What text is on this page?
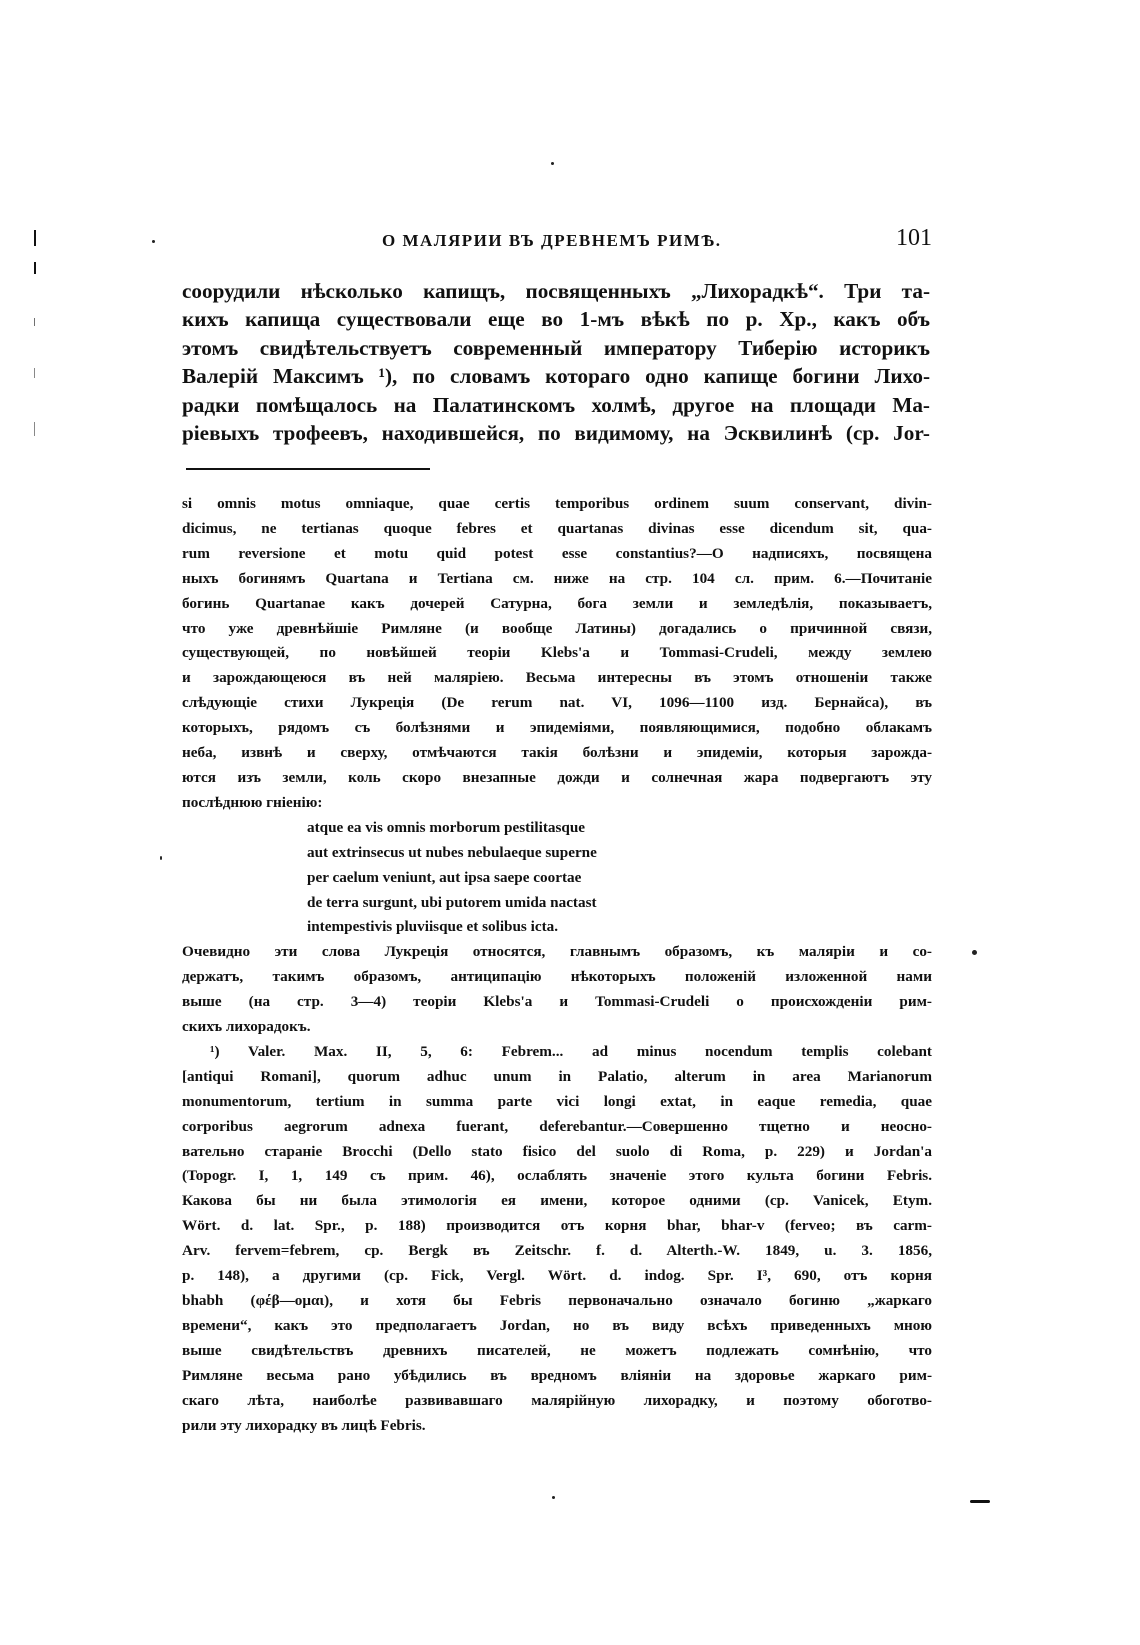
О МАЛЯРИИ ВЪ ДРЕВНЕМЪ РИМѢ.	101
соорудили нѣсколько капищъ, посвященныхъ „Лихорадкѣ“. Три та-
кихъ капища существовали еще во 1-мъ вѣкѣ по р. Хр., какъ объ
этомъ свидѣтельствуетъ современный императору Тиберію историкъ
Валерій Максимъ ¹), по словамъ котораго одно капище богини Лихо-
радки помѣщалось на Палатинскомъ холмѣ, другое на площади Ма-
ріевыхъ трофеевъ, находившейся, по видимому, на Эсквилинѣ (ср. Jor-
si omnis motus omniaque, quae certis temporibus ordinem suum conservant, divin-
dicimus, ne tertianas quoque febres et quartanas divinas esse dicendum sit, qua-
rum reversione et motu quid potest esse constantius?—О надписяхъ, посвящена
ныхъ богинямъ Quartana и Tertiana см. ниже на стр. 104 сл. прим. 6.—Почитаніе
богинь Quartanae какъ дочерей Сатурна, бога земли и земледѣлія, показываетъ,
что уже древнѣйшіе Римляне (и вообще Латины) догадались о причинной связи,
существующей, по новѣйшей теоріи Klebs'а и Tommasi-Crudeli, между землею
и зарождающеюся въ ней маляріею. Весьма интересны въ этомъ отношеніи также
слѣдующіе стихи Лукреція (De rerum nat. VI, 1096—1100 изд. Бернайса), въ
которыхъ, рядомъ съ болѣзнями и эпидеміями, появляющимися, подобно облакамъ
неба, извнѣ и сверху, отмѣчаются такія болѣзни и эпидеміи, которыя зарожда-
ются изъ земли, коль скоро внезапные дожди и солнечная жара подвергаютъ эту
послѣднюю гніенію:
atque ea vis omnis morborum pestilitasque
aut extrinsecus ut nubes nebulaeque superne
per caelum veniunt, aut ipsa saepe coortae
de terra surgunt, ubi putorem umida nactast
intempestivis pluviisque et solibus icta.
Очевидно эти слова Лукреція относятся, главнымъ образомъ, къ маляріи и со-
держатъ, такимъ образомъ, антиципацію нѣкоторыхъ положеній изложенной нами
выше (на стр. 3—4) теоріи Klebs'а и Tommasi-Crudeli о происхожденіи рим-
скихъ лихорадокъ.
¹) Valer. Max. II, 5, 6: Febrem... ad minus nocendum templis colebant
[antiqui Romani], quorum adhuc unum in Palatio, alterum in area Marianorum
monumentorum, tertium in summa parte vici longi extat, in eaque remedia, quae
corporibus aegrorum adnexa fuerant, deferebantur.—Совершенно тщетно и неосно-
вательно стараніе Brocchi (Dello stato fisico del suolo di Roma, p. 229) и Jordan'а
(Topogr. I, 1, 149 съ прим. 46), ослаблять значеніе этого культа богини Febris.
Какова бы ни была этимологія ея имени, которое одними (ср. Vanicek, Etym.
Wört. d. lat. Spr., p. 188) производится отъ корня bhar, bhar-v (ferveo; въ carm-
Arv. fervem=febrem, ср. Bergk въ Zeitschr. f. d. Alterth.-W. 1849, u. 3. 1856,
p. 148), а другими (ср. Fick, Vergl. Wört. d. indog. Spr. I³, 690, отъ корня
bhabh (φέβ—ομαι), и хотя бы Febris первоначально означало богиню „жаркаго
времени“, какъ это предполагаетъ Jordan, но въ виду всѣхъ приведенныхъ мною
выше свидѣтельствъ древнихъ писателей, не можетъ подлежать сомнѣнію, что
Римляне весьма рано убѣдились въ вредномъ вліяніи на здоровье жаркаго рим-
скаго лѣта, наиболѣе развивавшаго малярійную лихорадку, и поэтому обоготво-
рили эту лихорадку въ лицѣ Febris.
